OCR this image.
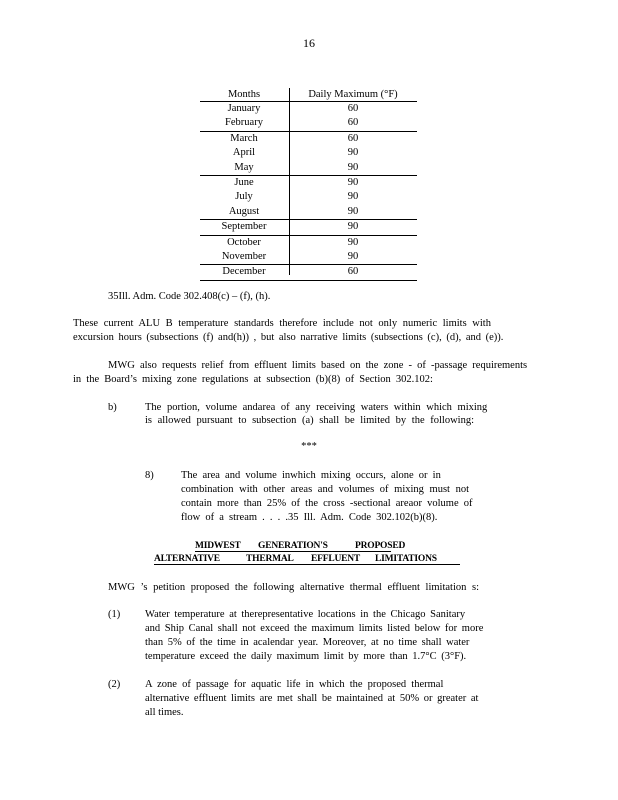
16
Months	Daily Maximum (°F)
January	60
February	60
March	60
April	90
May	90
June	90
July	90
August	90
September	90
October	90
November	90
December	60
35Ill. Adm. Code 302.408(c) – (f), (h).
These current ALU B temperature standards therefore include not only numeric limits with
excursion hours (subsections (f) and(h)) , but also narrative limits (subsections (c), (d), and (e)).
MWG also requests relief from effluent limits based on the zone - of -passage requirements
in the Board’s mixing zone regulations at subsection (b)(8) of Section 302.102:
b)	The portion, volume andarea of any receiving waters within which mixing
is allowed pursuant to subsection (a) shall be limited by the following:
***
8)	The area and volume inwhich mixing occurs, alone or in
combination with other areas and volumes of mixing must not
contain more than 25% of the cross -sectional areaor volume of
flow of a stream . . . .35 Ill. Adm. Code 302.102(b)(8).
MIDWEST GENERATION'S	PROPOSED
ALTERNATIVE	THERMAL EFFLUENT LIMITATIONS
MWG ’s petition proposed the following alternative thermal effluent limitation s:
(1) Water temperature at therepresentative locations in the Chicago Sanitary
and Ship Canal shall not exceed the maximum limits listed below for more
than 5% of the time in acalendar year. Moreover, at no time shall water
temperature exceed the daily maximum limit by more than 1.7°C (3°F).
(2) A zone of passage for aquatic life in which the proposed thermal
alternative effluent limits are met shall be maintained at 50% or greater at
all times.
